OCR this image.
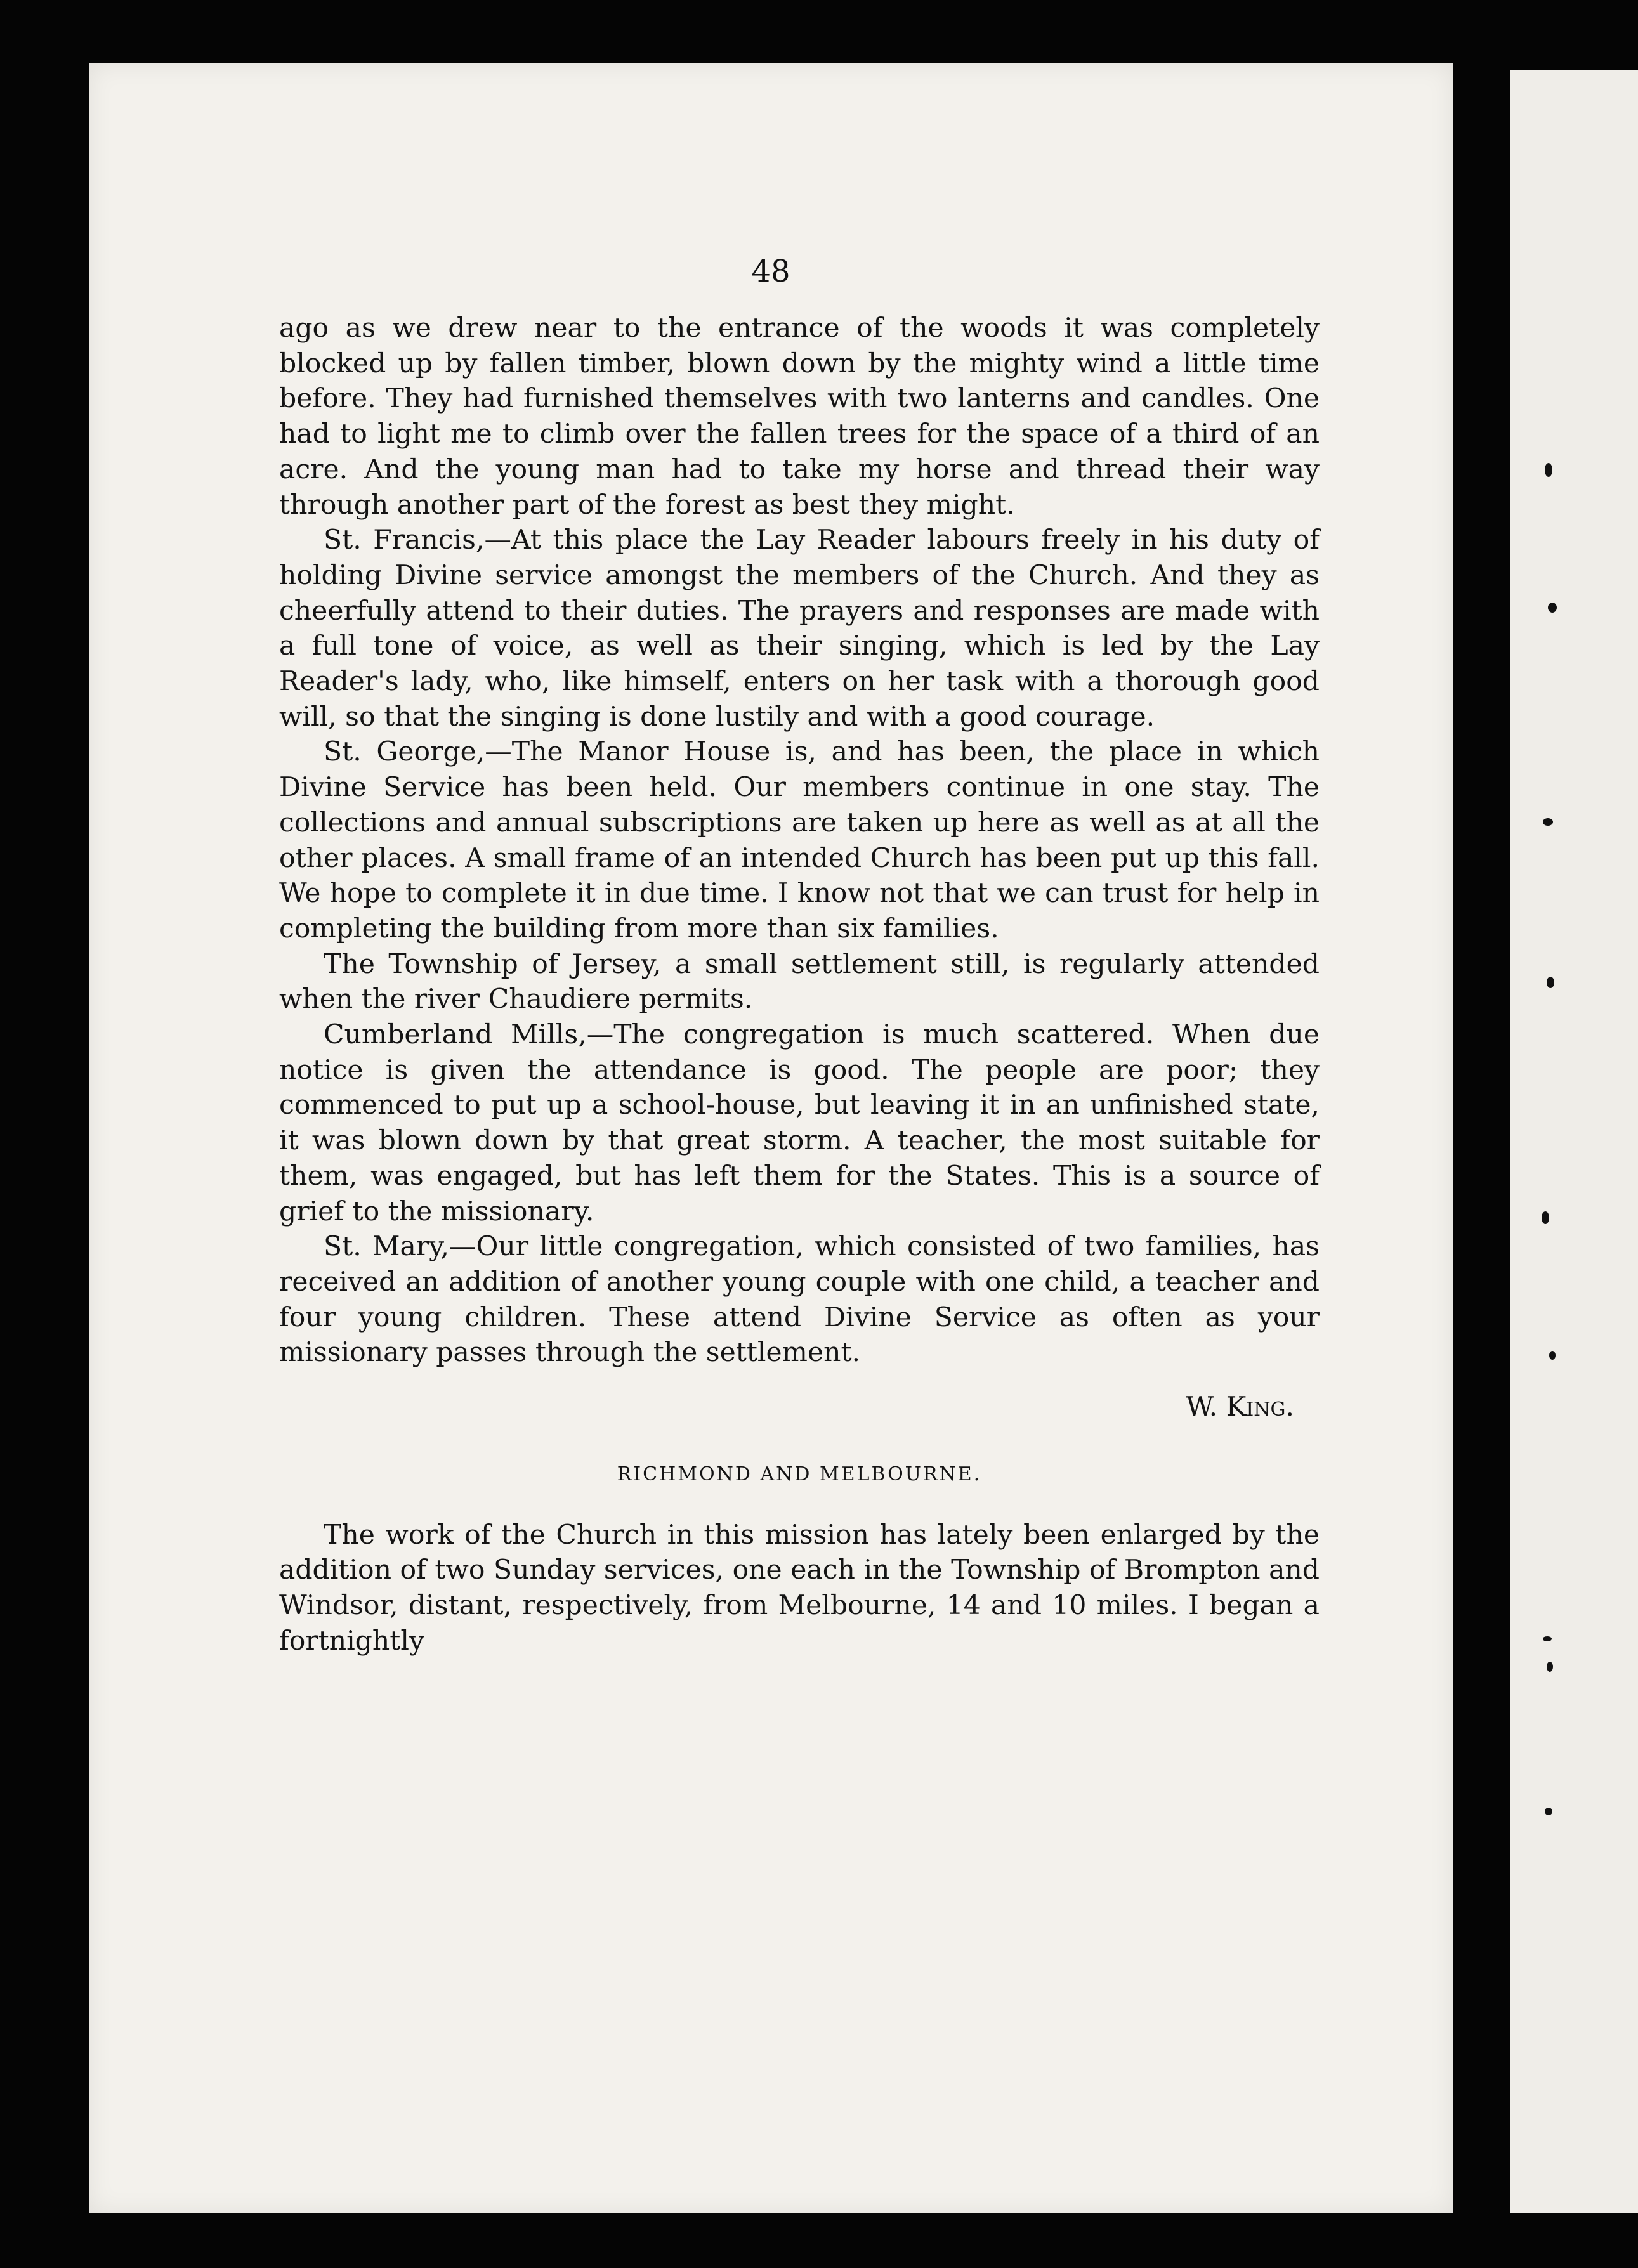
48

ago as we drew near to the entrance of the woods it was completely blocked up by fallen timber, blown down by the mighty wind a little time before. They had furnished themselves with two lanterns and candles. One had to light me to climb over the fallen trees for the space of a third of an acre. And the young man had to take my horse and thread their way through another part of the forest as best they might.

St. Francis,—At this place the Lay Reader labours freely in his duty of holding Divine service amongst the members of the Church. And they as cheerfully attend to their duties. The prayers and responses are made with a full tone of voice, as well as their singing, which is led by the Lay Reader's lady, who, like himself, enters on her task with a thorough good will, so that the singing is done lustily and with a good courage.

St. George,—The Manor House is, and has been, the place in which Divine Service has been held. Our members continue in one stay. The collections and annual subscriptions are taken up here as well as at all the other places. A small frame of an intended Church has been put up this fall. We hope to complete it in due time. I know not that we can trust for help in completing the building from more than six families.

The Township of Jersey, a small settlement still, is regularly attended when the river Chaudiere permits.

Cumberland Mills,—The congregation is much scattered. When due notice is given the attendance is good. The people are poor; they commenced to put up a school-house, but leaving it in an unfinished state, it was blown down by that great storm. A teacher, the most suitable for them, was engaged, but has left them for the States. This is a source of grief to the missionary.

St. Mary,—Our little congregation, which consisted of two families, has received an addition of another young couple with one child, a teacher and four young children. These attend Divine Service as often as your missionary passes through the settlement.

W. King.
RICHMOND AND MELBOURNE.

The work of the Church in this mission has lately been enlarged by the addition of two Sunday services, one each in the Township of Brompton and Windsor, distant, respectively, from Melbourne, 14 and 10 miles. I began a fortnightly
